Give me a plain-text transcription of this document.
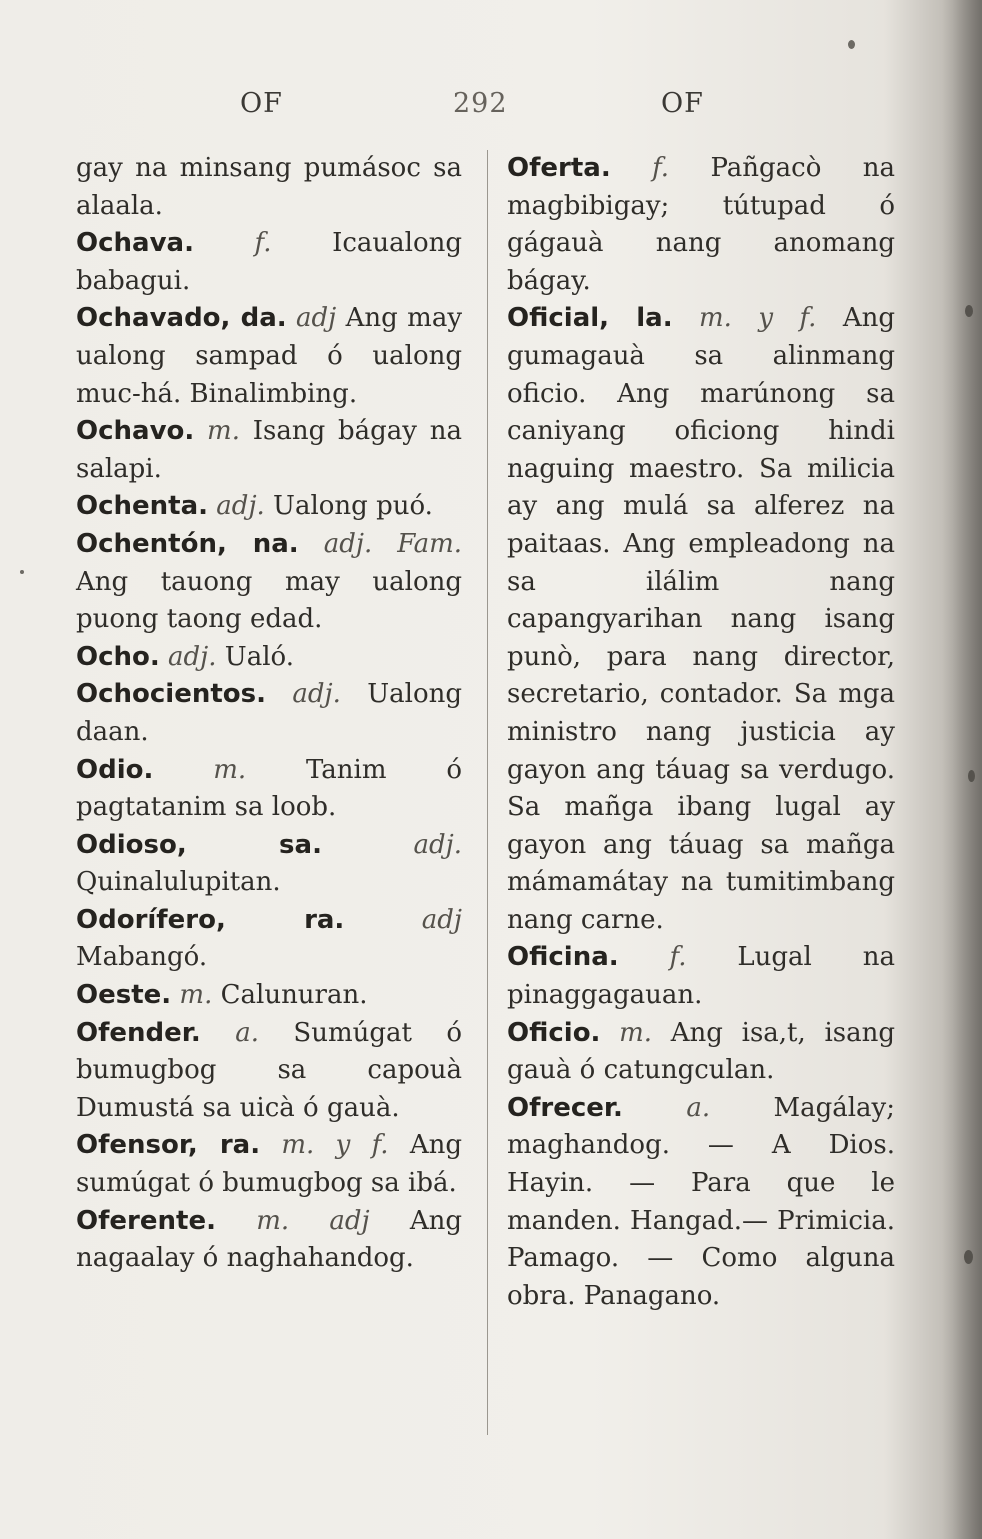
OF	292	OF

gay na minsang pumásoc sa alaala.

Ochava. f. Icaualong babagui.

Ochavado, da. adj Ang may ualong sampad ó ualong muc-há. Binalimbing.

Ochavo. m. Isang bágay na salapi.

Ochenta. adj. Ualong puó.

Ochentón, na. adj. Fam. Ang tauong may ualong puong taong edad.

Ocho. adj. Ualó.

Ochocientos. adj. Ualong daan.

Odio. m. Tanim ó pagtatanim sa loob.

Odioso, sa.	adj. Quinalulupitan.

Odorífero, ra.	adj Mabangó.

Oeste. m. Calunuran.

Ofender. a. Sumúgat ó bumugbog sa capouà Dumustá sa uicà ó gauà.

Ofensor, ra. m. y f. Ang sumúgat ó bumugbog sa ibá.

Oferente. m. adj Ang nagaalay ó naghahandog.

Oferta. f. Pañgacò na magbibigay; tútupad ó gágauà nang anomang bágay.

Oficial, la. m. y f. Ang gumagauà sa alinmang oficio. Ang marúnong sa caniyang oficiong hindi naguing maestro. Sa milicia ay ang mulá sa alferez na paitaas. Ang empleadong na sa ilálim nang capangyarihan nang isang punò, para nang director, secretario, contador. Sa mga ministro nang justicia ay gayon ang táuag sa verdugo. Sa mañga ibang lugal ay gayon ang táuag sa mañga mámamátay na tumitimbang nang carne.

Oficina. f. Lugal na pinaggagauan.

Oficio. m. Ang isa,t, isang gauà ó catungculan.

Ofrecer. a. Magálay; maghandog. — A Dios. Hayin. — Para que le manden. Hangad.— Primicia. Pamago. — Como alguna obra. Panagano.
